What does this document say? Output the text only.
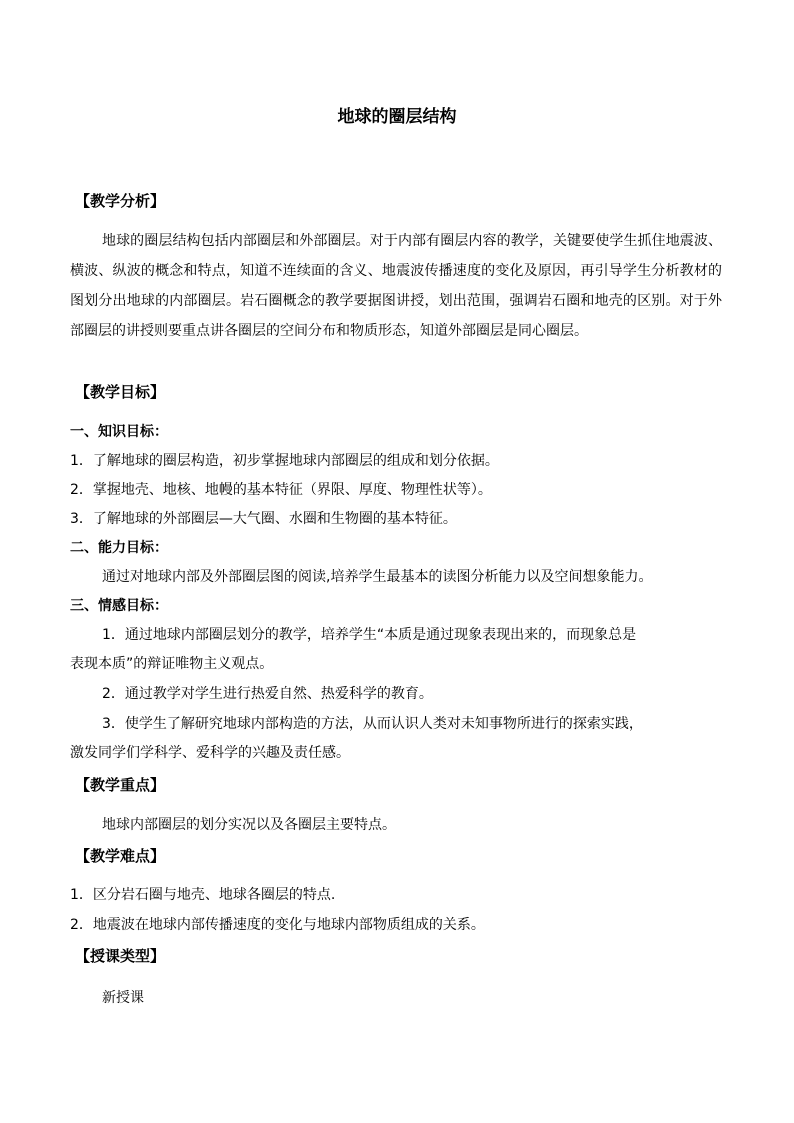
地球的圈层结构
【教学分析】
地球的圈层结构包括内部圈层和外部圈层。对于内部有圈层内容的教学，关键要使学生抓住地震波、横波、纵波的概念和特点，知道不连续面的含义、地震波传播速度的变化及原因，再引导学生分析教材的图划分出地球的内部圈层。岩石圈概念的教学要据图讲授，划出范围，强调岩石圈和地壳的区别。对于外部圈层的讲授则要重点讲各圈层的空间分布和物质形态，知道外部圈层是同心圈层。
【教学目标】
一、知识目标：
1．了解地球的圈层构造，初步掌握地球内部圈层的组成和划分依据。
2．掌握地壳、地核、地幔的基本特征（界限、厚度、物理性状等）。
3．了解地球的外部圈层—大气圈、水圈和生物圈的基本特征。
二、能力目标：
通过对地球内部及外部圈层图的阅读,培养学生最基本的读图分析能力以及空间想象能力。
三、情感目标：
1．通过地球内部圈层划分的教学，培养学生“本质是通过现象表现出来的，而现象总是
表现本质”的辩证唯物主义观点。
2．通过教学对学生进行热爱自然、热爱科学的教育。
3．使学生了解研究地球内部构造的方法，从而认识人类对未知事物所进行的探索实践，
激发同学们学科学、爱科学的兴趣及责任感。
【教学重点】
地球内部圈层的划分实况以及各圈层主要特点。
【教学难点】
1．区分岩石圈与地壳、地球各圈层的特点.
2．地震波在地球内部传播速度的变化与地球内部物质组成的关系。
【授课类型】
新授课
